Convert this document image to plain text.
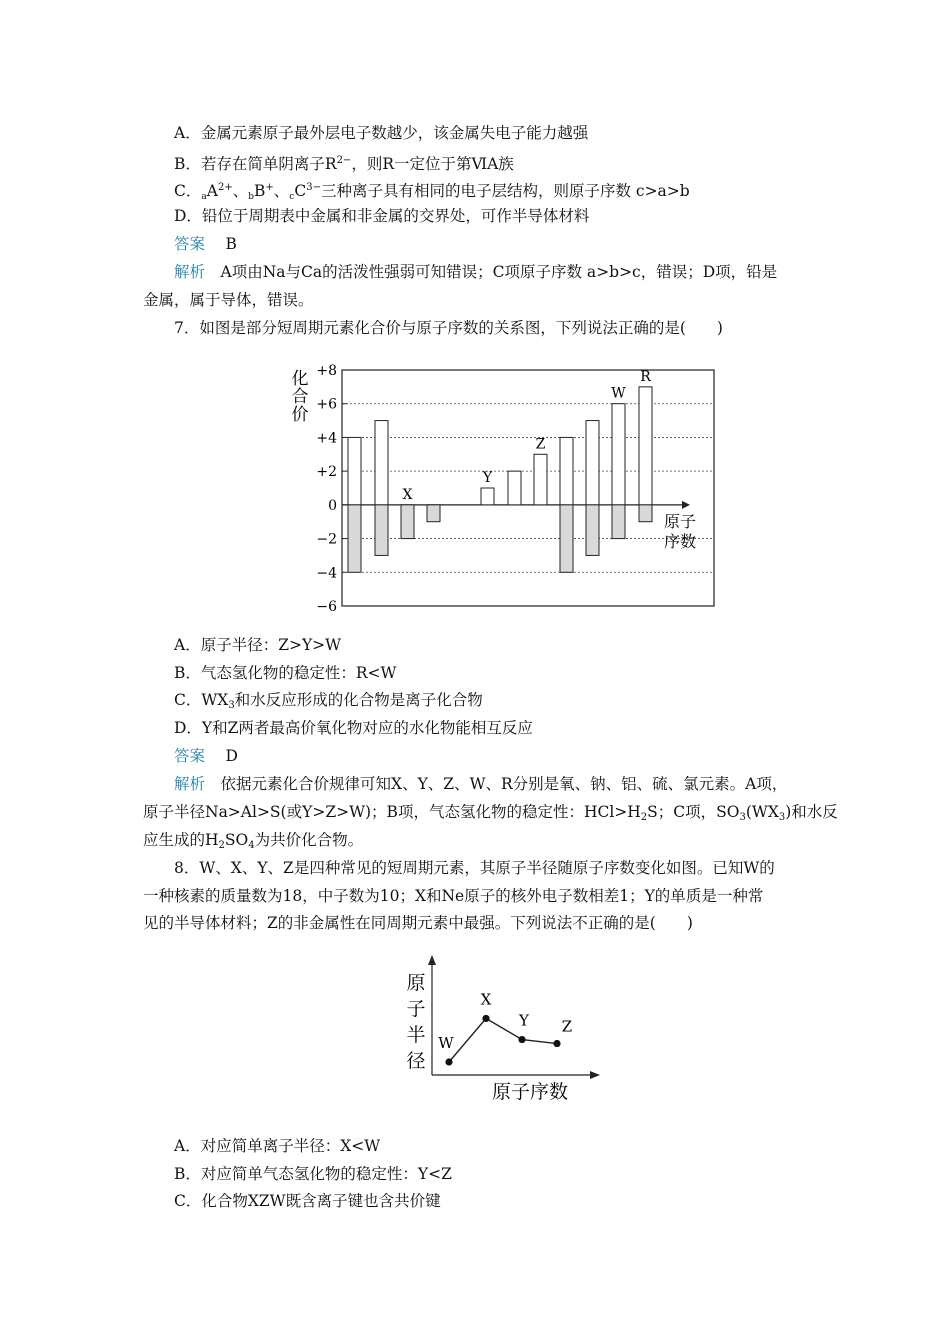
A．金属元素原子最外层电子数越少，该金属失电子能力越强
B．若存在简单阴离子$R^{2-}$，则R一定位于第ⅥA族
C．$aA^{2+}$、bB+、$cC^{3-}$三种离子具有相同的电子层结构，则原子序数 c>a>b
D．铅位于周期表中金属和非金属的交界处，可作半导体材料
答案　 B
解析　 A项由Na与Ca的活泼性强弱可知错误；C项原子序数 a>b>c，错误；D项，铅是
金属，属于导体，错误。
7．如图是部分短周期元素化合价与原子序数的关系图，下列说法正确的是(　　)
+8
+6
+4
+2
0
−2
−4
−6
化
合
价
原子
序数
X
Y
Z
W
R
A．原子半径：Z>Y>W
B．气态氢化物的稳定性：R<W
C．$WX_3$和水反应形成的化合物是离子化合物
D．Y和Z两者最高价氧化物对应的水化物能相互反应
答案　 D
解析　 依据元素化合价规律可知X、Y、Z、W、R分别是氧、钠、铝、硫、氯元素。A项，
原子半径Na>Al>S(或Y>Z>W)；B项，气态氢化物的稳定性：$HCl>H_2S$；C项，$SO_3(WX_3)$和水反
应生成的$H_2SO_4$为共价化合物。
8．W、X、Y、Z是四种常见的短周期元素，其原子半径随原子序数变化如图。已知W的
一种核素的质量数为18，中子数为10；X和Ne原子的核外电子数相差1；Y的单质是一种常
见的半导体材料；Z的非金属性在同周期元素中最强。下列说法不正确的是(　　)
原
子
半
径
原子序数
W
X
Y Z
A．对应简单离子半径：X<W
B．对应简单气态氢化物的稳定性：Y<Z
C．化合物XZW既含离子键也含共价键
